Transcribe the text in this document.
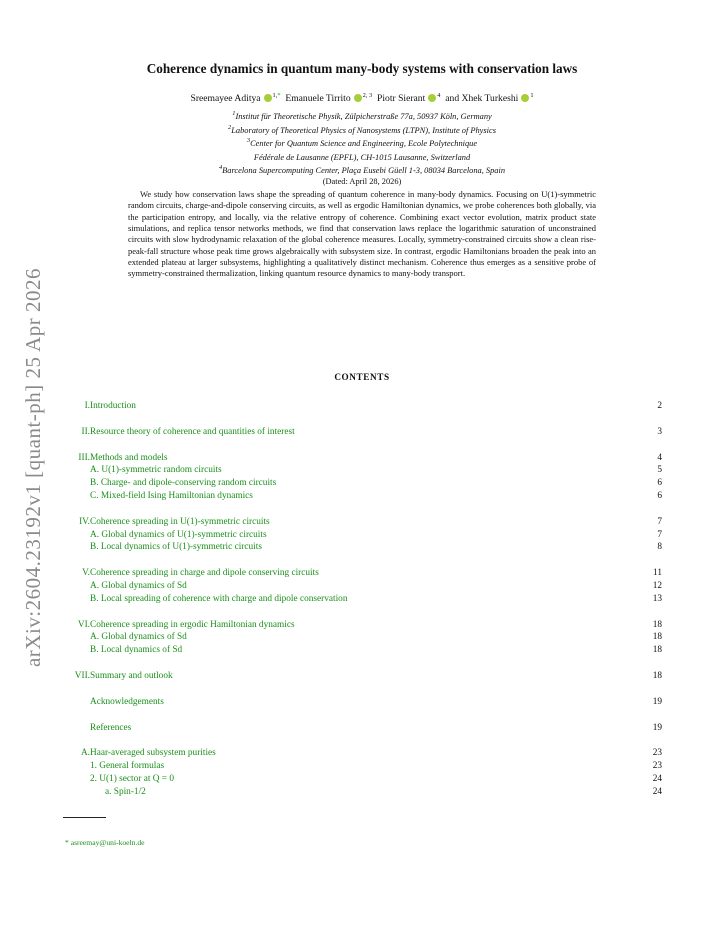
arXiv:2604.23192v1 [quant-ph] 25 Apr 2026
Coherence dynamics in quantum many-body systems with conservation laws
Sreemayee Aditya $^{1,*}$ Emanuele Tirrito $^{2, 3}$ Piotr Sierant $^4$ and Xhek Turkeshi $^1$
$^1$Institut für Theoretische Physik, Zülpicherstraße 77a, 50937 Köln, Germany
$^2$Laboratory of Theoretical Physics of Nanosystems (LTPN), Institute of Physics
$^3$Center for Quantum Science and Engineering, Ecole Polytechnique
Fédérale de Lausanne (EPFL), CH-1015 Lausanne, Switzerland
$^4$Barcelona Supercomputing Center, Plaça Eusebi Güell 1-3, 08034 Barcelona, Spain
(Dated: April 28, 2026)
We study how conservation laws shape the spreading of quantum coherence in many-body dynamics. Focusing on U(1)-symmetric random circuits, charge-and-dipole conserving circuits, as well as ergodic Hamiltonian dynamics, we probe coherences both globally, via the participation entropy, and locally, via the relative entropy of coherence. Combining exact vector evolution, matrix product state simulations, and replica tensor networks methods, we find that conservation laws replace the logarithmic saturation of unconstrained circuits with slow hydrodynamic relaxation of the global coherence measures. Locally, symmetry-constrained circuits show a clean rise-peak-fall structure whose peak time grows algebraically with subsystem size. In contrast, ergodic Hamiltonians broaden the peak into an extended plateau at larger subsystems, highlighting a qualitatively distinct mechanism. Coherence thus emerges as a sensitive probe of symmetry-constrained thermalization, linking quantum resource dynamics to many-body transport.
CONTENTS
I. Introduction	2
II. Resource theory of coherence and quantities of interest	3
III. Methods and models	4
A. U(1)-symmetric random circuits	5
B. Charge- and dipole-conserving random circuits	6
C. Mixed-field Ising Hamiltonian dynamics	6
IV. Coherence spreading in U(1)-symmetric circuits	7
A. Global dynamics of U(1)-symmetric circuits	7
B. Local dynamics of U(1)-symmetric circuits	8
V. Coherence spreading in charge and dipole conserving circuits	11
A. Global dynamics of Sd	12
B. Local spreading of coherence with charge and dipole conservation	13
VI. Coherence spreading in ergodic Hamiltonian dynamics	18
A. Global dynamics of Sd	18
B. Local dynamics of Sd	18
VII. Summary and outlook	18
Acknowledgements	19
References	19
A. Haar-averaged subsystem purities	23
1. General formulas	23
2. U(1) sector at Q = 0	24
a. Spin-1/2	24
* asreemay@uni-koeln.de
